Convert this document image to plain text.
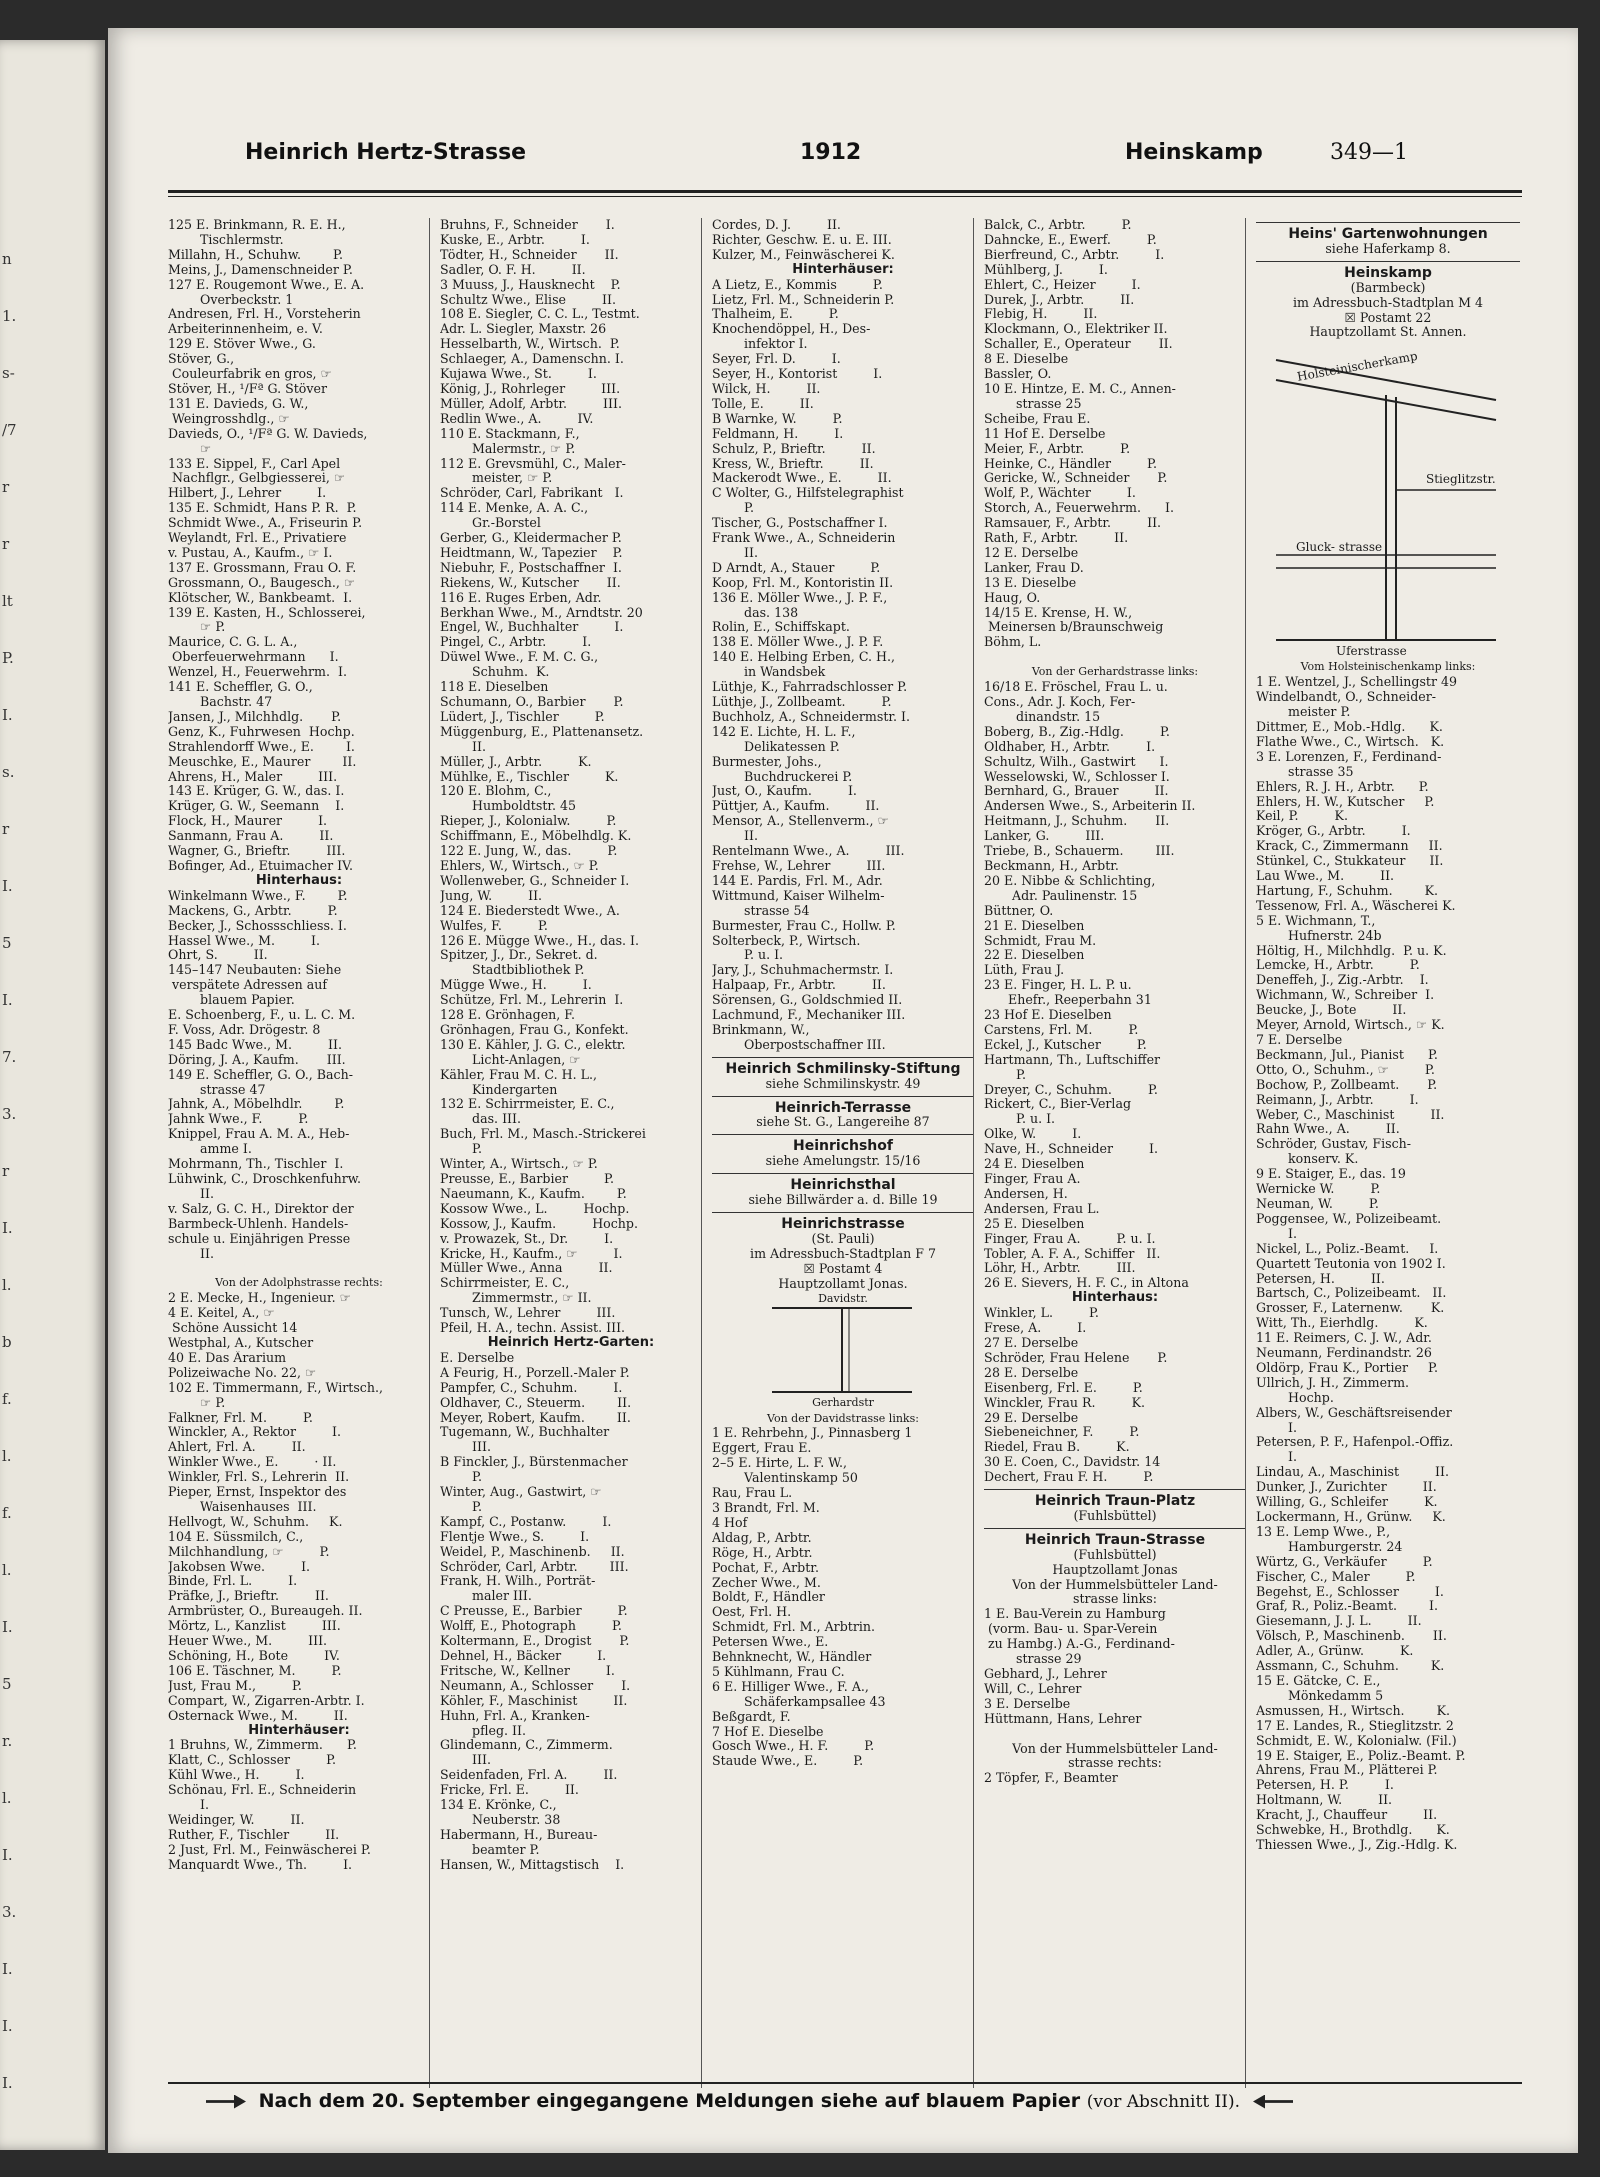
n
1.
s-
/7
r
r
lt
P.
I.
s.
r
I.
5
I.
7.
3.
r
I.
l.
b
f.
l.
f.
l.
I.
5
r.
l.
I.
3.
I.
I.
I.
Heinrich Hertz-Strasse	1912	Heinskamp	349—1
125 E. Brinkmann, R. E. H.,
Tischlermstr.
Millahn, H., Schuhw.        P.
Meins, J., Damenschneider P.
127 E. Rougemont Wwe., E. A.
Overbeckstr. 1
Andresen, Frl. H., Vorsteherin
Arbeiterinnenheim, e. V.
129 E. Stöver Wwe., G.
Stöver, G.,
Couleurfabrik en gros, ☞
Stöver, H., ¹/Fª G. Stöver
131 E. Davieds, G. W.,
Weingrosshdlg., ☞
Davieds, O., ¹/Fª G. W. Davieds,
☞
133 E. Sippel, F., Carl Apel
Nachflgr., Gelbgiesserei, ☞
Hilbert, J., Lehrer         I.
135 E. Schmidt, Hans P. R.  P.
Schmidt Wwe., A., Friseurin P.
Weylandt, Frl. E., Privatiere
v. Pustau, A., Kaufm., ☞ I.
137 E. Grossmann, Frau O. F.
Grossmann, O., Baugesch., ☞
Klötscher, W., Bankbeamt.  I.
139 E. Kasten, H., Schlosserei,
☞ P.
Maurice, C. G. L. A.,
Oberfeuerwehrmann      I.
Wenzel, H., Feuerwehrm.  I.
141 E. Scheffler, G. O.,
Bachstr. 47
Jansen, J., Milchhdlg.       P.
Genz, K., Fuhrwesen  Hochp.
Strahlendorff Wwe., E.        I.
Meuschke, E., Maurer        II.
Ahrens, H., Maler         III.
143 E. Krüger, G. W., das. I.
Krüger, G. W., Seemann    I.
Flock, H., Maurer         I.
Sanmann, Frau A.         II.
Wagner, G., Brieftr.         III.
Bofinger, Ad., Etuimacher IV.
Hinterhaus:
Winkelmann Wwe., F.        P.
Mackens, G., Arbtr.         P.
Becker, J., Schossschliess. I.
Hassel Wwe., M.         I.
Ohrt, S.         II.
145–147 Neubauten: Siehe
verspätete Adressen auf
blauem Papier.
E. Schoenberg, F., u. L. C. M.
F. Voss, Adr. Drögestr. 8
145 Badc Wwe., M.         II.
Döring, J. A., Kaufm.       III.
149 E. Scheffler, G. O., Bach-
strasse 47
Jahnk, A., Möbelhdlr.        P.
Jahnk Wwe., F.         P.
Knippel, Frau A. M. A., Heb-
amme I.
Mohrmann, Th., Tischler  I.
Lühwink, C., Droschkenfuhrw.
II.
v. Salz, G. C. H., Direktor der
Barmbeck-Uhlenh. Handels-
schule u. Einjährigen Presse
II.

Von der Adolphstrasse rechts:
2 E. Mecke, H., Ingenieur. ☞
4 E. Keitel, A., ☞
Schöne Aussicht 14
Westphal, A., Kutscher
40 E. Das Ärarium
Polizeiwache No. 22, ☞
102 E. Timmermann, F., Wirtsch.,
☞ P.
Falkner, Frl. M.         P.
Winckler, A., Rektor         I.
Ahlert, Frl. A.         II.
Winkler Wwe., E.         · II.
Winkler, Frl. S., Lehrerin  II.
Pieper, Ernst, Inspektor des
Waisenhauses  III.
Hellvogt, W., Schuhm.     K.
104 E. Süssmilch, C.,
Milchhandlung, ☞         P.
Jakobsen Wwe.         I.
Binde, Frl. L.         I.
Präfke, J., Brieftr.         II.
Armbrüster, O., Bureaugeh. II.
Mörtz, L., Kanzlist         III.
Heuer Wwe., M.         III.
Schöning, H., Bote         IV.
106 E. Täschner, M.         P.
Just, Frau M.,         P.
Compart, W., Zigarren-Arbtr. I.
Osternack Wwe., M.         II.
Hinterhäuser:
1 Bruhns, W., Zimmerm.      P.
Klatt, C., Schlosser         P.
Kühl Wwe., H.         I.
Schönau, Frl. E., Schneiderin
I.
Weidinger, W.         II.
Ruther, F., Tischler         II.
2 Just, Frl. M., Feinwäscherei P.
Manquardt Wwe., Th.         I.
Bruhns, F., Schneider       I.
Kuske, E., Arbtr.         I.
Tödter, H., Schneider       II.
Sadler, O. F. H.         II.
3 Muuss, J., Hausknecht    P.
Schultz Wwe., Elise         II.
108 E. Siegler, C. C. L., Testmt.
Adr. L. Siegler, Maxstr. 26
Hesselbarth, W., Wirtsch.  P.
Schlaeger, A., Damenschn. I.
Kujawa Wwe., St.         I.
König, J., Rohrleger         III.
Müller, Adolf, Arbtr.         III.
Redlin Wwe., A.         IV.
110 E. Stackmann, F.,
Malermstr., ☞ P.
112 E. Grevsmühl, C., Maler-
meister, ☞ P.
Schröder, Carl, Fabrikant   I.
114 E. Menke, A. A. C.,
Gr.-Borstel
Gerber, G., Kleidermacher P.
Heidtmann, W., Tapezier    P.
Niebuhr, F., Postschaffner  I.
Riekens, W., Kutscher       II.
116 E. Ruges Erben, Adr.
Berkhan Wwe., M., Arndtstr. 20
Engel, W., Buchhalter         I.
Pingel, C., Arbtr.         I.
Düwel Wwe., F. M. C. G.,
Schuhm.  K.
118 E. Dieselben
Schumann, O., Barbier       P.
Lüdert, J., Tischler         P.
Müggenburg, E., Plattenansetz.
II.
Müller, J., Arbtr.         K.
Mühlke, E., Tischler         K.
120 E. Blohm, C.,
Humboldtstr. 45
Rieper, J., Kolonialw.         P.
Schiffmann, E., Möbelhdlg. K.
122 E. Jung, W., das.         P.
Ehlers, W., Wirtsch., ☞ P.
Wollenweber, G., Schneider I.
Jung, W.         II.
124 E. Biederstedt Wwe., A.
Wulfes, F.         P.
126 E. Mügge Wwe., H., das. I.
Spitzer, J., Dr., Sekret. d.
Stadtbibliothek P.
Mügge Wwe., H.         I.
Schütze, Frl. M., Lehrerin  I.
128 E. Grönhagen, F.
Grönhagen, Frau G., Konfekt.
130 E. Kähler, J. G. C., elektr.
Licht-Anlagen, ☞
Kähler, Frau M. C. H. L.,
Kindergarten
132 E. Schirrmeister, E. C.,
das. III.
Buch, Frl. M., Masch.-Strickerei
P.
Winter, A., Wirtsch., ☞ P.
Preusse, E., Barbier         P.
Naeumann, K., Kaufm.        P.
Kossow Wwe., L.         Hochp.
Kossow, J., Kaufm.         Hochp.
v. Prowazek, St., Dr.         I.
Kricke, H., Kaufm., ☞         I.
Müller Wwe., Anna         II.
Schirrmeister, E. C.,
Zimmermstr., ☞ II.
Tunsch, W., Lehrer         III.
Pfeil, H. A., techn. Assist. III.
Heinrich Hertz-Garten:
E. Derselbe
A Feurig, H., Porzell.-Maler P.
Pampfer, C., Schuhm.         I.
Oldhaver, C., Steuerm.        II.
Meyer, Robert, Kaufm.        II.
Tugemann, W., Buchhalter
III.
B Finckler, J., Bürstenmacher
P.
Winter, Aug., Gastwirt, ☞
P.
Kampf, C., Postanw.         I.
Flentje Wwe., S.         I.
Weidel, P., Maschinenb.     II.
Schröder, Carl, Arbtr.        III.
Frank, H. Wilh., Porträt-
maler III.
C Preusse, E., Barbier         P.
Wolff, E., Photograph         P.
Koltermann, E., Drogist       P.
Dehnel, H., Bäcker         I.
Fritsche, W., Kellner         I.
Neumann, A., Schlosser       I.
Köhler, F., Maschinist         II.
Huhn, Frl. A., Kranken-
pfleg. II.
Glindemann, C., Zimmerm.
III.
Seidenfaden, Frl. A.         II.
Fricke, Frl. E.         II.
134 E. Krönke, C.,
Neuberstr. 38
Habermann, H., Bureau-
beamter P.
Hansen, W., Mittagstisch    I.
Cordes, D. J.         II.
Richter, Geschw. E. u. E. III.
Kulzer, M., Feinwäscherei K.
Hinterhäuser:
A Lietz, E., Kommis         P.
Lietz, Frl. M., Schneiderin P.
Thalheim, E.         P.
Knochendöppel, H., Des-
infektor I.
Seyer, Frl. D.         I.
Seyer, H., Kontorist         I.
Wilck, H.         II.
Tolle, E.         II.
B Warnke, W.         P.
Feldmann, H.         I.
Schulz, P., Brieftr.         II.
Kress, W., Brieftr.         II.
Mackerodt Wwe., E.         II.
C Wolter, G., Hilfstelegraphist
P.
Tischer, G., Postschaffner I.
Frank Wwe., A., Schneiderin
II.
D Arndt, A., Stauer         P.
Koop, Frl. M., Kontoristin II.
136 E. Möller Wwe., J. P. F.,
das. 138
Rolin, E., Schiffskapt.
138 E. Möller Wwe., J. P. F.
140 E. Helbing Erben, C. H.,
in Wandsbek
Lüthje, K., Fahrradschlosser P.
Lüthje, J., Zollbeamt.         P.
Buchholz, A., Schneidermstr. I.
142 E. Lichte, H. L. F.,
Delikatessen P.
Burmester, Johs.,
Buchdruckerei P.
Just, O., Kaufm.         I.
Püttjer, A., Kaufm.         II.
Mensor, A., Stellenverm., ☞
II.
Rentelmann Wwe., A.         III.
Frehse, W., Lehrer         III.
144 E. Pardis, Frl. M., Adr.
Wittmund, Kaiser Wilhelm-
strasse 54
Burmester, Frau C., Hollw. P.
Solterbeck, P., Wirtsch.
P. u. I.
Jary, J., Schuhmachermstr. I.
Halpaap, Fr., Arbtr.         II.
Sörensen, G., Goldschmied II.
Lachmund, F., Mechaniker III.
Brinkmann, W.,
Oberpostschaffner III.
Heinrich Schmilinsky-Stiftung
siehe Schmilinskystr. 49
Heinrich-Terrasse
siehe St. G., Langereihe 87
Heinrichshof
siehe Amelungstr. 15/16
Heinrichsthal
siehe Billwärder a. d. Bille 19
Heinrichstrasse
(St. Pauli)
im Adressbuch-Stadtplan F 7
☒ Postamt 4
Hauptzollamt Jonas.
Davidstr.
Gerhardstr
Von der Davidstrasse links:
1 E. Rehrbehn, J., Pinnasberg 1
Eggert, Frau E.
2–5 E. Hirte, L. F. W.,
Valentinskamp 50
Rau, Frau L.
3 Brandt, Frl. M.
4 Hof
Aldag, P., Arbtr.
Röge, H., Arbtr.
Pochat, F., Arbtr.
Zecher Wwe., M.
Boldt, F., Händler
Oest, Frl. H.
Schmidt, Frl. M., Arbtrin.
Petersen Wwe., E.
Behnknecht, W., Händler
5 Kühlmann, Frau C.
6 E. Hilliger Wwe., F. A.,
Schäferkampsallee 43
Beßgardt, F.
7 Hof E. Dieselbe
Gosch Wwe., H. F.         P.
Staude Wwe., E.         P.
Balck, C., Arbtr.         P.
Dahncke, E., Ewerf.         P.
Bierfreund, C., Arbtr.         I.
Mühlberg, J.         I.
Ehlert, C., Heizer         I.
Durek, J., Arbtr.         II.
Flebig, H.         II.
Klockmann, O., Elektriker II.
Schaller, E., Operateur       II.
8 E. Dieselbe
Bassler, O.
10 E. Hintze, E. M. C., Annen-
strasse 25
Scheibe, Frau E.
11 Hof E. Derselbe
Meier, F., Arbtr.         P.
Heinke, C., Händler         P.
Gericke, W., Schneider       P.
Wolf, P., Wächter         I.
Storch, A., Feuerwehrm.      I.
Ramsauer, F., Arbtr.         II.
Rath, F., Arbtr.         II.
12 E. Derselbe
Lanker, Frau D.
13 E. Dieselbe
Haug, O.
14/15 E. Krense, H. W.,
Meinersen b/Braunschweig
Böhm, L.

Von der Gerhardstrasse links:
16/18 E. Fröschel, Frau L. u.
Cons., Adr. J. Koch, Fer-
dinandstr. 15
Boberg, B., Zig.-Hdlg.         P.
Oldhaber, H., Arbtr.         I.
Schultz, Wilh., Gastwirt      I.
Wesselowski, W., Schlosser I.
Bernhard, G., Brauer         II.
Andersen Wwe., S., Arbeiterin II.
Heitmann, J., Schuhm.       II.
Lanker, G.         III.
Triebe, B., Schauerm.        III.
Beckmann, H., Arbtr.
20 E. Nibbe & Schlichting,
Adr. Paulinenstr. 15
Büttner, O.
21 E. Dieselben
Schmidt, Frau M.
22 E. Dieselben
Lüth, Frau J.
23 E. Finger, H. L. P. u.
Ehefr., Reeperbahn 31
23 Hof E. Dieselben
Carstens, Frl. M.         P.
Eckel, J., Kutscher         P.
Hartmann, Th., Luftschiffer
P.
Dreyer, C., Schuhm.         P.
Rickert, C., Bier-Verlag
P. u. I.
Olke, W.         I.
Nave, H., Schneider         I.
24 E. Dieselben
Finger, Frau A.
Andersen, H.
Andersen, Frau L.
25 E. Dieselben
Finger, Frau A.         P. u. I.
Tobler, A. F. A., Schiffer   II.
Löhr, H., Arbtr.         III.
26 E. Sievers, H. F. C., in Altona
Hinterhaus:
Winkler, L.         P.
Frese, A.         I.
27 E. Derselbe
Schröder, Frau Helene       P.
28 E. Derselbe
Eisenberg, Frl. E.         P.
Winckler, Frau R.         K.
29 E. Derselbe
Siebeneichner, F.         P.
Riedel, Frau B.         K.
30 E. Coen, C., Davidstr. 14
Dechert, Frau F. H.         P.
Heinrich Traun-Platz
(Fuhlsbüttel)
Heinrich Traun-Strasse
(Fuhlsbüttel)
Hauptzollamt Jonas
Von der Hummelsbütteler Land-
strasse links:
1 E. Bau-Verein zu Hamburg
(vorm. Bau- u. Spar-Verein
zu Hambg.) A.-G., Ferdinand-
strasse 29
Gebhard, J., Lehrer
Will, C., Lehrer
3 E. Derselbe
Hüttmann, Hans, Lehrer

Von der Hummelsbütteler Land-
strasse rechts:
2 Töpfer, F., Beamter
Heins' Gartenwohnungen
siehe Haferkamp 8.
Heinskamp
(Barmbeck)
im Adressbuch-Stadtplan M 4
☒ Postamt 22
Hauptzollamt St. Annen.
Holsteinischerkamp
Stieglitzstr.
Gluck- strasse
Uferstrasse
Vom Holsteinischenkamp links:
1 E. Wentzel, J., Schellingstr 49
Windelbandt, O., Schneider-
meister P.
Dittmer, E., Mob.-Hdlg.      K.
Flathe Wwe., C., Wirtsch.   K.
3 E. Lorenzen, F., Ferdinand-
strasse 35
Ehlers, R. J. H., Arbtr.      P.
Ehlers, H. W., Kutscher     P.
Keil, P.         K.
Kröger, G., Arbtr.         I.
Krack, C., Zimmermann     II.
Stünkel, C., Stukkateur      II.
Lau Wwe., M.         II.
Hartung, F., Schuhm.        K.
Tessenow, Frl. A., Wäscherei K.
5 E. Wichmann, T.,
Hufnerstr. 24b
Höltig, H., Milchhdlg.  P. u. K.
Lemcke, H., Arbtr.         P.
Deneffeh, J., Zig.-Arbtr.    I.
Wichmann, W., Schreiber  I.
Beucke, J., Bote         II.
Meyer, Arnold, Wirtsch., ☞ K.
7 E. Derselbe
Beckmann, Jul., Pianist      P.
Otto, O., Schuhm., ☞         P.
Bochow, P., Zollbeamt.       P.
Reimann, J., Arbtr.         I.
Weber, C., Maschinist         II.
Rahn Wwe., A.         II.
Schröder, Gustav, Fisch-
konserv. K.
9 E. Staiger, E., das. 19
Wernicke W.         P.
Neuman, W.         P.
Poggensee, W., Polizeibeamt.
I.
Nickel, L., Poliz.-Beamt.     I.
Quartett Teutonia von 1902 I.
Petersen, H.         II.
Bartsch, C., Polizeibeamt.   II.
Grosser, F., Laternenw.       K.
Witt, Th., Eierhdlg.         K.
11 E. Reimers, C. J. W., Adr.
Neumann, Ferdinandstr. 26
Oldörp, Frau K., Portier     P.
Ullrich, J. H., Zimmerm.
Hochp.
Albers, W., Geschäftsreisender
I.
Petersen, P. F., Hafenpol.-Offiz.
I.
Lindau, A., Maschinist         II.
Dunker, J., Zurichter         II.
Willing, G., Schleifer         K.
Lockermann, H., Grünw.     K.
13 E. Lemp Wwe., P.,
Hamburgerstr. 24
Würtz, G., Verkäufer         P.
Fischer, C., Maler         P.
Begehst, E., Schlosser         I.
Graf, R., Poliz.-Beamt.        I.
Giesemann, J. J. L.         II.
Völsch, P., Maschinenb.       II.
Adler, A., Grünw.         K.
Assmann, C., Schuhm.        K.
15 E. Gätcke, C. E.,
Mönkedamm 5
Asmussen, H., Wirtsch.        K.
17 E. Landes, R., Stieglitzstr. 2
Schmidt, E. W., Kolonialw. (Fil.)
19 E. Staiger, E., Poliz.-Beamt. P.
Ahrens, Frau M., Plätterei P.
Petersen, H. P.         I.
Holtmann, W.         II.
Kracht, J., Chauffeur         II.
Schwebke, H., Brothdlg.      K.
Thiessen Wwe., J., Zig.-Hdlg. K.
Nach dem 20. September eingegangene Meldungen siehe auf blauem Papier (vor Abschnitt II).
